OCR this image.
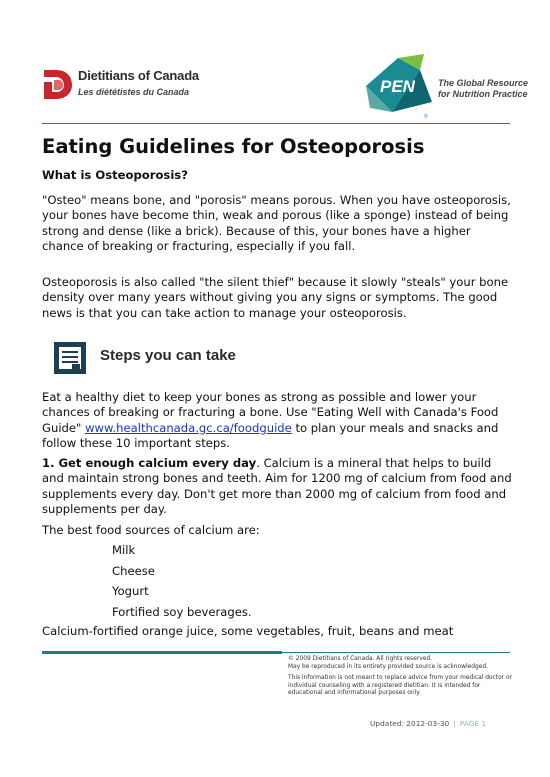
Dietitians of Canada
Les diététistes du Canada	PEN
®
The Global Resource
for Nutrition Practice
Eating Guidelines for Osteoporosis
What is Osteoporosis?
"Osteo" means bone, and "porosis" means porous. When you have osteoporosis, your bones have become thin, weak and porous (like a sponge) instead of being strong and dense (like a brick). Because of this, your bones have a higher chance of breaking or fracturing, especially if you fall.
Osteoporosis is also called "the silent thief" because it slowly "steals" your bone density over many years without giving you any signs or symptoms. The good news is that you can take action to manage your osteoporosis.
Steps you can take
Eat a healthy diet to keep your bones as strong as possible and lower your chances of breaking or fracturing a bone. Use "Eating Well with Canada's Food Guide" www.healthcanada.gc.ca/foodguide to plan your meals and snacks and follow these 10 important steps.
1. Get enough calcium every day. Calcium is a mineral that helps to build and maintain strong bones and teeth. Aim for 1200 mg of calcium from food and supplements every day. Don't get more than 2000 mg of calcium from food and supplements per day.
The best food sources of calcium are:
Milk
Cheese
Yogurt
Fortified soy beverages.
Calcium-fortified orange juice, some vegetables, fruit, beans and meat
© 2009 Dietitians of Canada. All rights reserved.
May be reproduced in its entirety provided source is acknowledged.
This information is not meant to replace advice from your medical doctor or individual counseling with a registered dietitian. It is intended for educational and informational purposes only.
Updated: 2012-03-30 | PAGE 1
